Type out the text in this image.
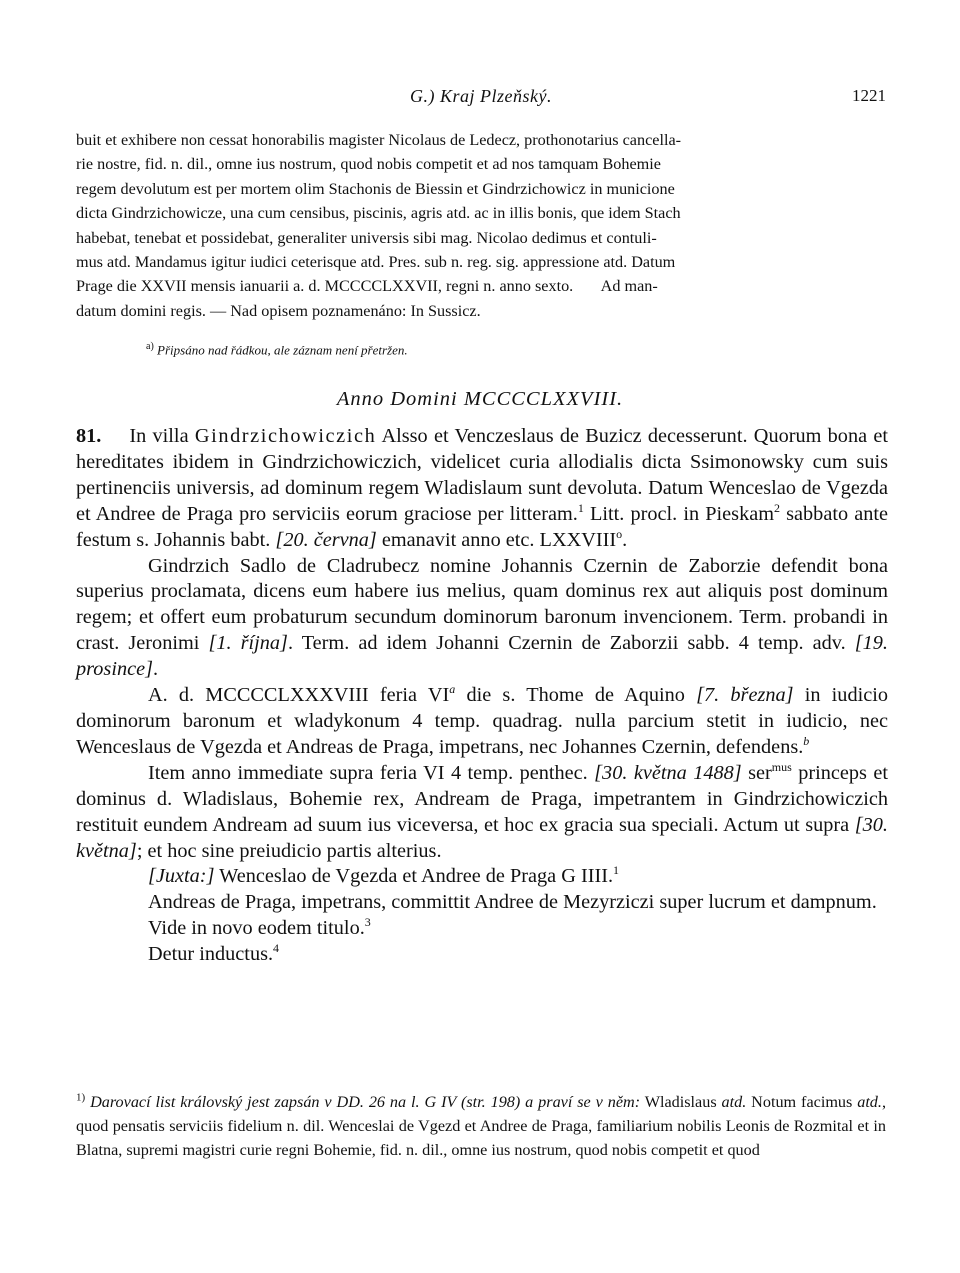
G.) Kraj Plzeňský.	1221

buit et exhibere non cessat honorabilis magister Nicolaus de Ledecz, prothonotarius cancella-

rie nostre, fid. n. dil., omne ius nostrum, quod nobis competit et ad nos tamquam Bohemie

regem devolutum est per mortem olim Stachonis de Biessin et Gindrzichowicz in municione

dicta Gindrzichowicze, una cum censibus, piscinis, agris atd. ac in illis bonis, que idem Stach

habebat, tenebat et possidebat, generaliter universis sibi mag. Nicolao dedimus et contuli-

mus atd. Mandamus igitur iudici ceterisque atd. Pres. sub n. reg. sig. appressione atd. Datum

Prage die XXVII mensis ianuarii a. d. MCCCCLXXVII, regni n. anno sexto.       Ad man-

datum domini regis. — Nad opisem poznamenáno: In Sussicz.

$^{a)}$ Připsáno nad řádkou, ale záznam není přetržen.
Anno Domini MCCCCLXXVIII.

81. In villa Gindrzichowiczich Alsso et Venczeslaus de Buzicz decesserunt. Quorum bona et hereditates ibidem in Gindrzichowiczich, videlicet curia allodialis dicta Ssimonowsky cum suis pertinenciis universis, ad dominum regem Wladislaum sunt devoluta. Datum Wenceslao de Vgezda et Andree de Praga pro serviciis eorum graciose per litteram.$^1$ Litt. procl. in Pieskam$^2$ sabbato ante festum s. Johannis babt. [20. června] emanavit anno etc. LXXVIII$^o$.

Gindrzich Sadlo de Cladrubecz nomine Johannis Czernin de Zaborzie defendit bona superius proclamata, dicens eum habere ius melius, quam dominus rex aut aliquis post dominum regem; et offert eum probaturum secundum dominorum baronum invencionem. Term. probandi in crast. Jeronimi [1. října]. Term. ad idem Johanni Czernin de Zaborzii sabb. 4 temp. adv. [19. prosince].

A. d. MCCCCLXXXVIII feria $VI^a$ die s. Thome de Aquino [7. března] in iudicio dominorum baronum et wladykonum 4 temp. quadrag. nulla parcium stetit in iudicio, nec Wenceslaus de Vgezda et Andreas de Praga, impetrans, nec Johannes Czernin, defendens.$^b$

Item anno immediate supra feria VI 4 temp. penthec. [30. května 1488] ser$^{mus}$ princeps et dominus d. Wladislaus, Bohemie rex, Andream de Praga, impetrantem in Gindrzichowiczich restituit eundem Andream ad suum ius viceversa, et hoc ex gracia sua speciali. Actum ut supra [30. května]; et hoc sine preiudicio partis alterius.

[Juxta:] Wenceslao de Vgezda et Andree de Praga G IIII.$^1$

Andreas de Praga, impetrans, committit Andree de Mezyrziczi super lucrum et dampnum.

Vide in novo eodem titulo.$^3$

Detur inductus.$^4$

$^{1)}$ Darovací list královský jest zapsán v DD. 26 na l. G IV (str. 198) a praví se v něm: Wladislaus atd. Notum facimus atd., quod pensatis serviciis fidelium n. dil. Wenceslai de Vgezd et Andree de Praga, familiarium nobilis Leonis de Rozmital et in Blatna, supremi magistri curie regni Bohemie, fid. n. dil., omne ius nostrum, quod nobis competit et quod
